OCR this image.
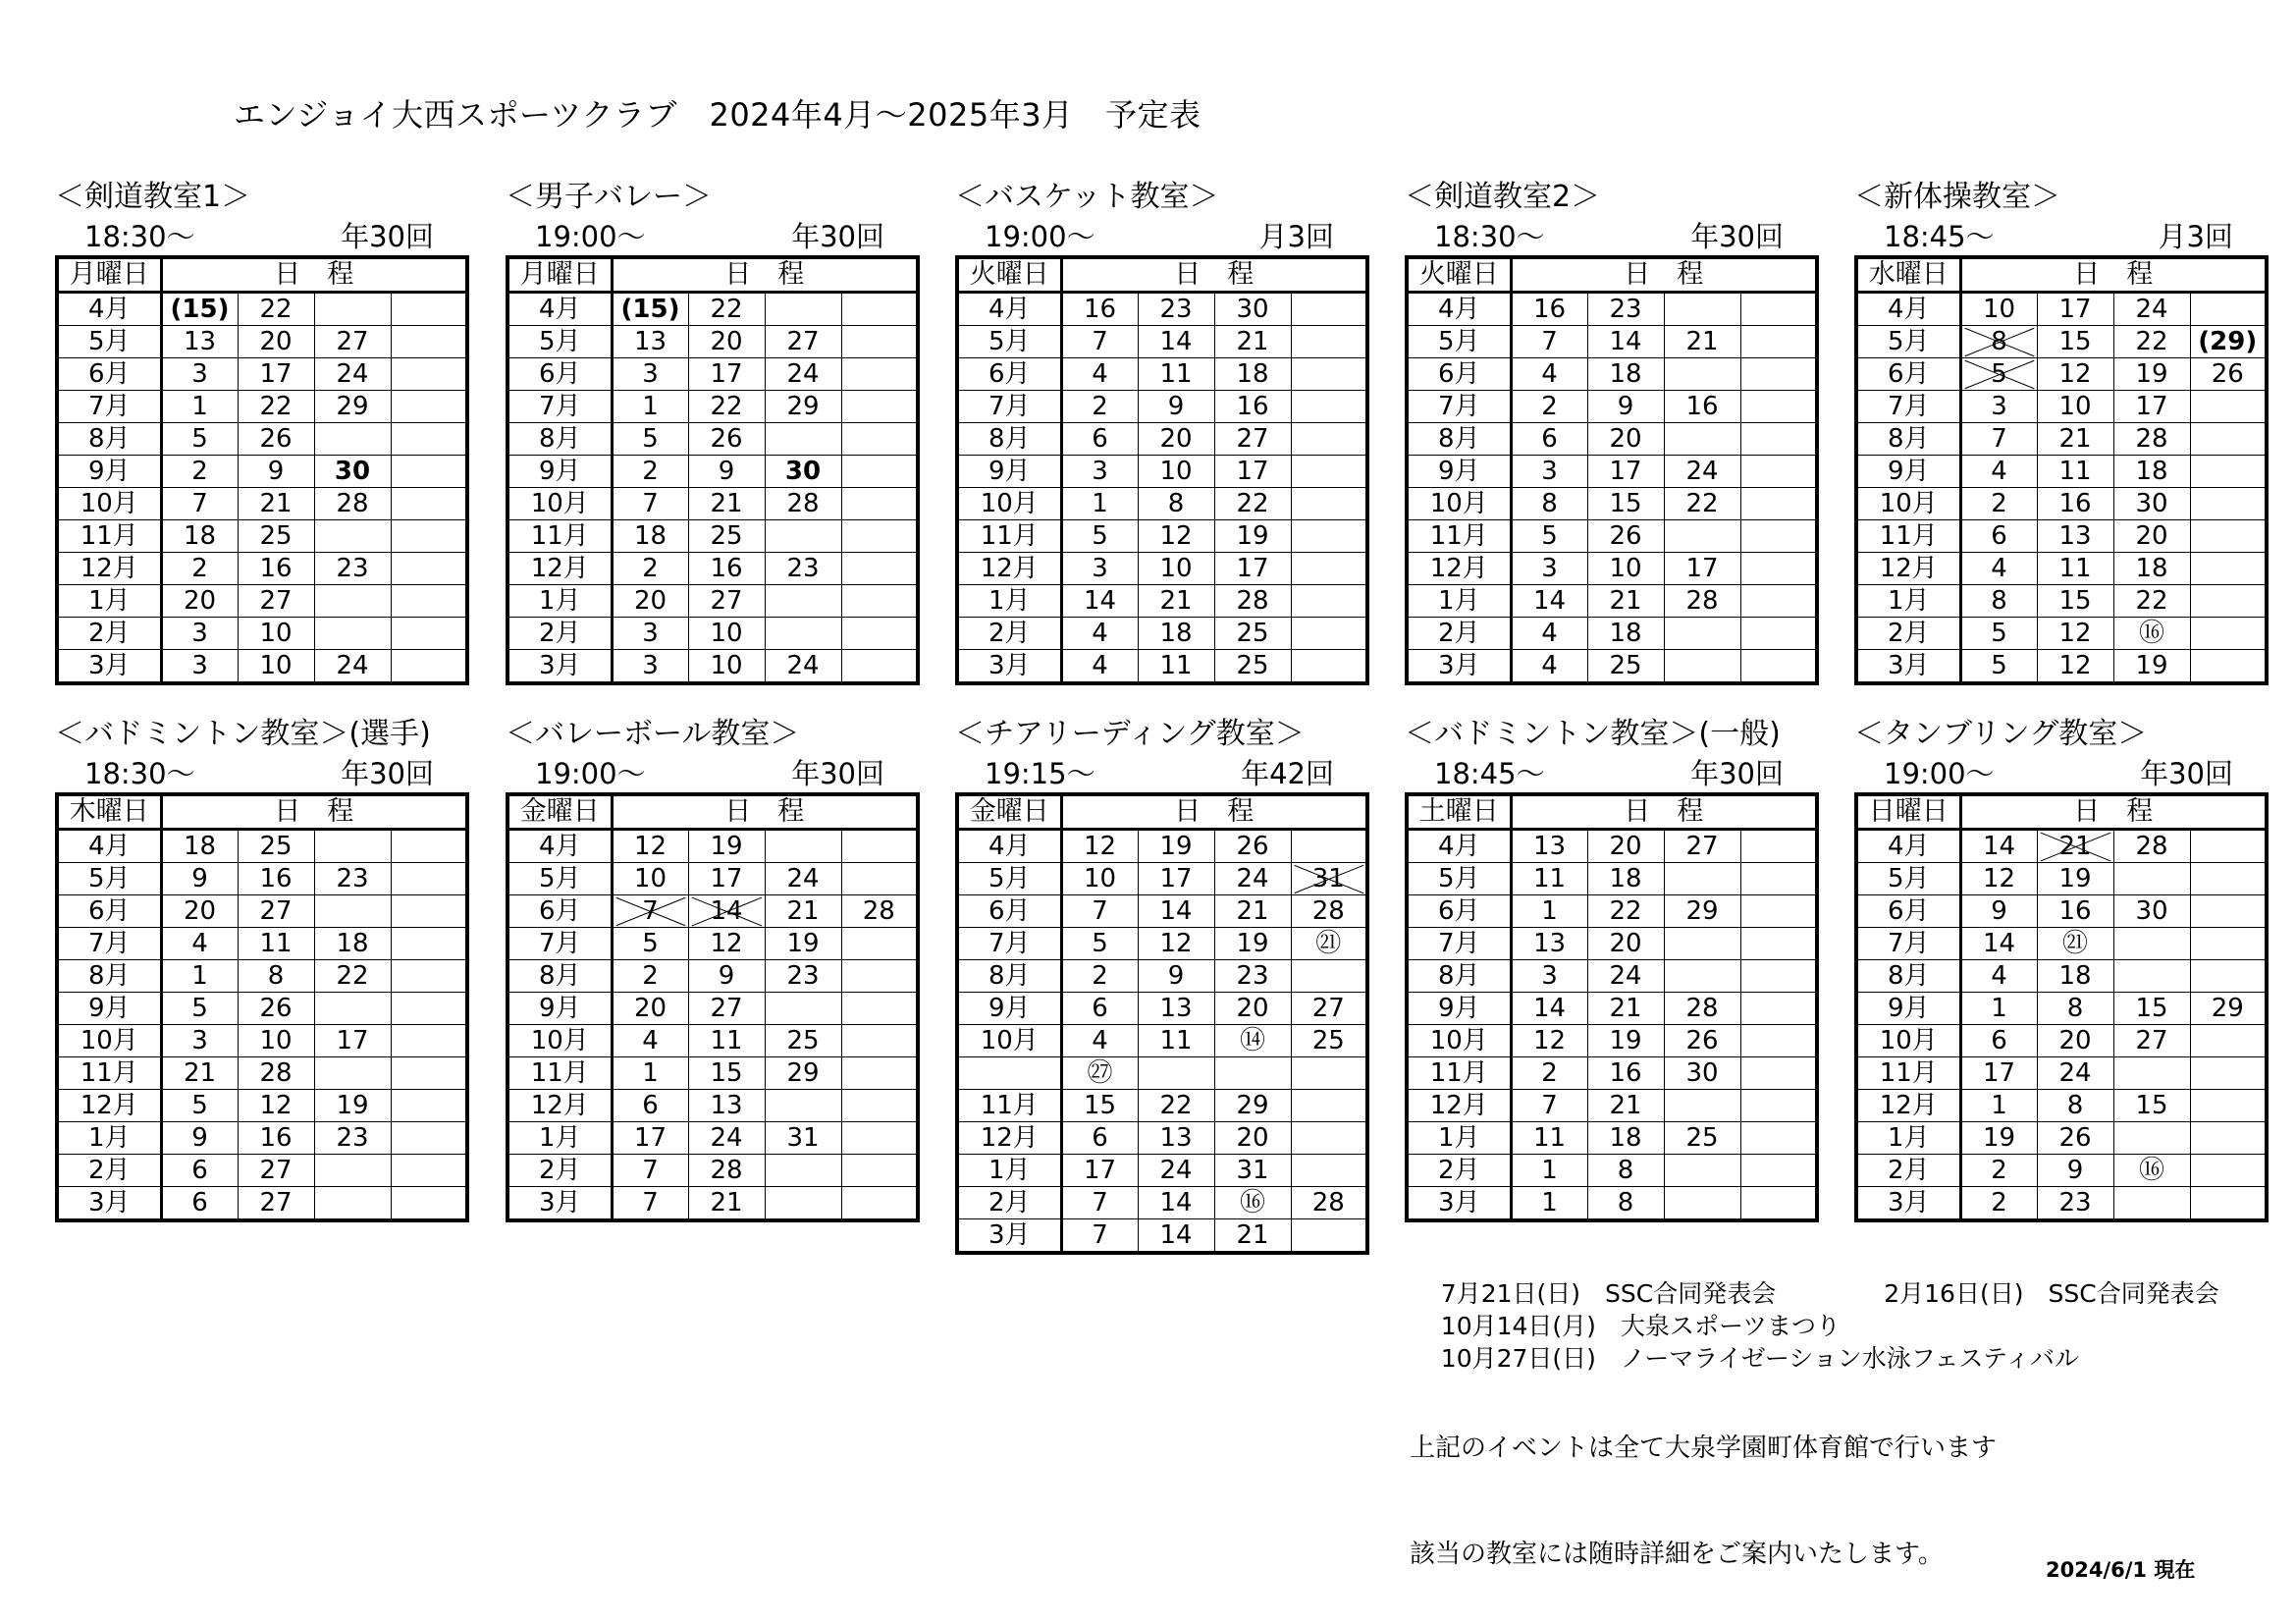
エンジョイ大西スポーツクラブ　2024年4月～2025年3月　予定表
＜剣道教室1＞
18:30～	年30回
月曜日	日　程			
4月	(15)	22		
5月	13	20	27	
6月	3	17	24	
7月	1	22	29	
8月	5	26		
9月	2	9	30	
10月	7	21	28	
11月	18	25		
12月	2	16	23	
1月	20	27		
2月	3	10		
3月	3	10	24	
＜男子バレー＞
19:00～	年30回
月曜日	日　程			
4月	(15)	22		
5月	13	20	27	
6月	3	17	24	
7月	1	22	29	
8月	5	26		
9月	2	9	30	
10月	7	21	28	
11月	18	25		
12月	2	16	23	
1月	20	27		
2月	3	10		
3月	3	10	24	
＜バスケット教室＞
19:00～	月3回
火曜日	日　程			
4月	16	23	30	
5月	7	14	21	
6月	4	11	18	
7月	2	9	16	
8月	6	20	27	
9月	3	10	17	
10月	1	8	22	
11月	5	12	19	
12月	3	10	17	
1月	14	21	28	
2月	4	18	25	
3月	4	11	25	
＜剣道教室2＞
18:30～	年30回
火曜日	日　程			
4月	16	23		
5月	7	14	21	
6月	4	18		
7月	2	9	16	
8月	6	20		
9月	3	17	24	
10月	8	15	22	
11月	5	26		
12月	3	10	17	
1月	14	21	28	
2月	4	18		
3月	4	25		
＜新体操教室＞
18:45～	月3回
水曜日	日　程			
4月	10	17	24	
5月	8	15	22	(29)
6月	5	12	19	26
7月	3	10	17	
8月	7	21	28	
9月	4	11	18	
10月	2	16	30	
11月	6	13	20	
12月	4	11	18	
1月	8	15	22	
2月	5	12	⑯	
3月	5	12	19	
＜バドミントン教室＞(選手)
18:30～	年30回
木曜日	日　程			
4月	18	25		
5月	9	16	23	
6月	20	27		
7月	4	11	18	
8月	1	8	22	
9月	5	26		
10月	3	10	17	
11月	21	28		
12月	5	12	19	
1月	9	16	23	
2月	6	27		
3月	6	27		
＜バレーボール教室＞
19:00～	年30回
金曜日	日　程			
4月	12	19		
5月	10	17	24	
6月	7	14	21	28
7月	5	12	19	
8月	2	9	23	
9月	20	27		
10月	4	11	25	
11月	1	15	29	
12月	6	13		
1月	17	24	31	
2月	7	28		
3月	7	21		
＜チアリーディング教室＞
19:15～	年42回
金曜日	日　程			
4月	12	19	26	
5月	10	17	24	31
6月	7	14	21	28
7月	5	12	19	㉑
8月	2	9	23	
9月	6	13	20	27
10月	4	11	⑭	25
	㉗			
11月	15	22	29	
12月	6	13	20	
1月	17	24	31	
2月	7	14	⑯	28
3月	7	14	21	
＜バドミントン教室＞(一般)
18:45～	年30回
土曜日	日　程			
4月	13	20	27	
5月	11	18		
6月	1	22	29	
7月	13	20		
8月	3	24		
9月	14	21	28	
10月	12	19	26	
11月	2	16	30	
12月	7	21		
1月	11	18	25	
2月	1	8		
3月	1	8		
＜タンブリング教室＞
19:00～	年30回
日曜日	日　程			
4月	14	21	28	
5月	12	19		
6月	9	16	30	
7月	14	㉑		
8月	4	18		
9月	1	8	15	29
10月	6	20	27	
11月	17	24		
12月	1	8	15	
1月	19	26		
2月	2	9	⑯	
3月	2	23		

7月21日(日)　 SSC合同発表会	2月16日(日)　 SSC合同発表会

10月14日(月)　 大泉スポーツまつり

10月27日(日)　 ノーマライゼーション水泳フェスティバル

上記のイベントは全て大泉学園町体育館で行います

該当の教室には随時詳細をご案内いたします。

2024/6/1 現在
